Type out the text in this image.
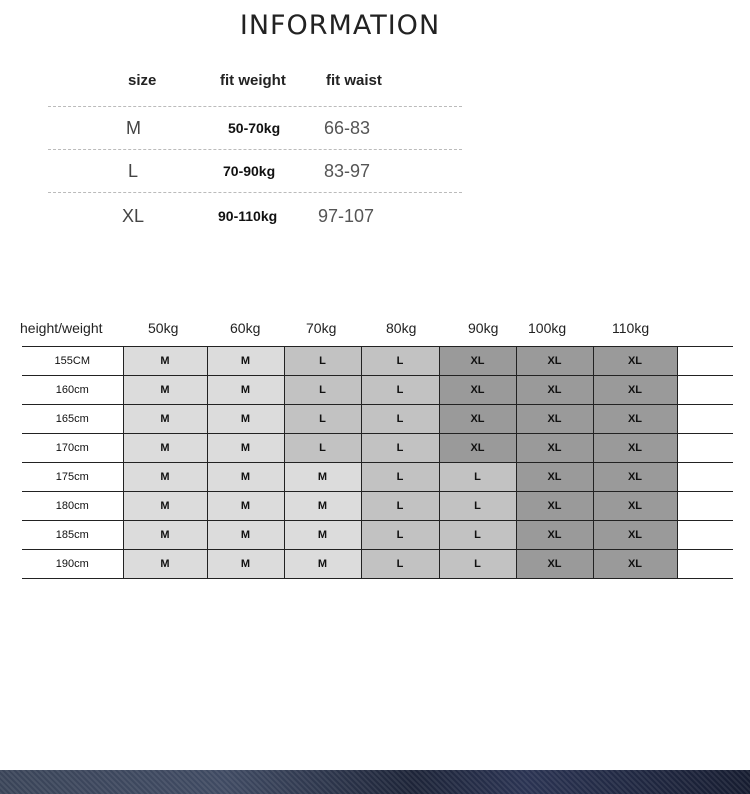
INFORMATION
size	fit weight	fit waist
M	50-70kg 66-83
L	70-90kg	83-97
XL	90-110kg 97-107
height/weight	50kg	60kg	70kg	80kg	90kg 100kg	110kg
155CM	M	M	L	L	XL	XL	XL	
160cm	M	M	L	L	XL	XL	XL	
165cm	M	M	L	L	XL	XL	XL	
170cm	M	M	L	L	XL	XL	XL	
175cm	M	M	M	L	L	XL	XL	
180cm	M	M	M	L	L	XL	XL	
185cm	M	M	M	L	L	XL	XL	
190cm	M	M	M	L	L	XL	XL	
